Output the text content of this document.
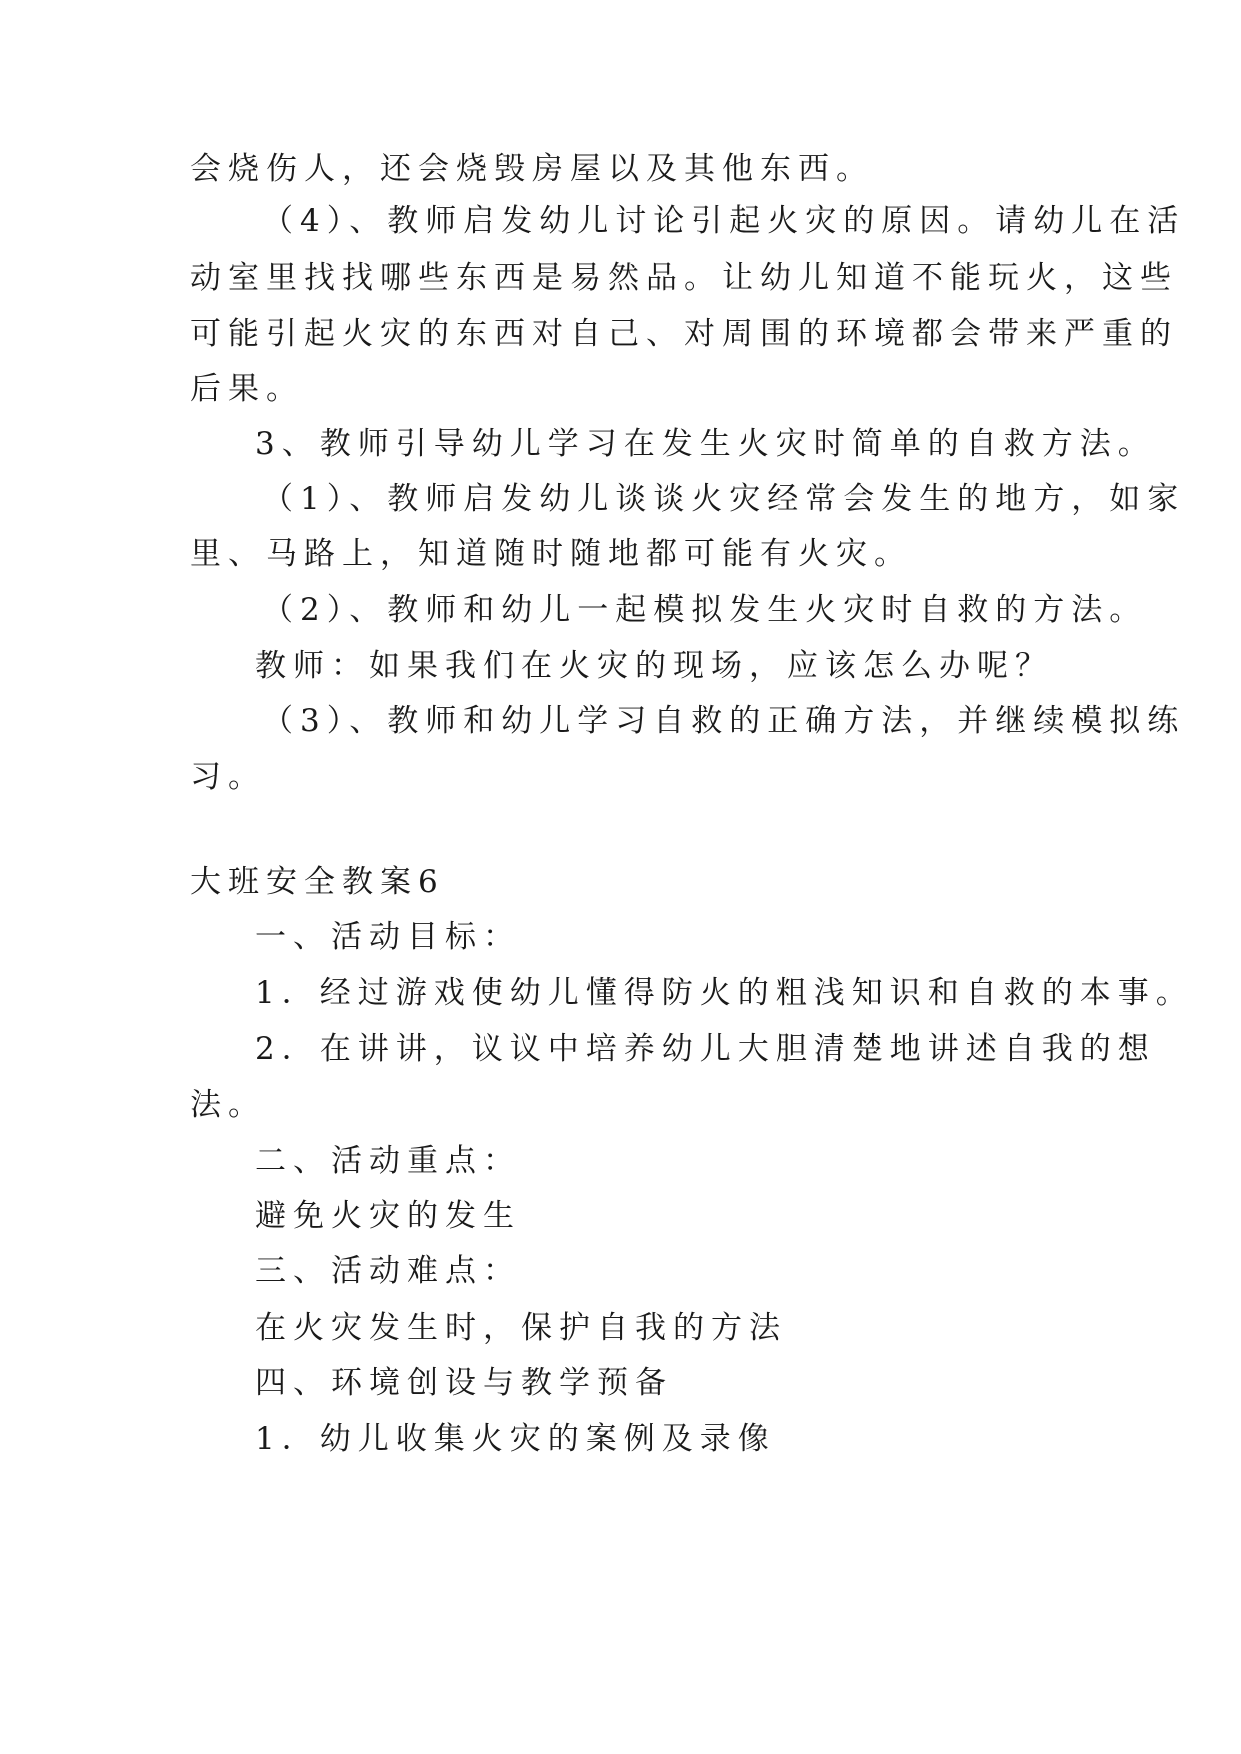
会烧伤人，还会烧毁房屋以及其他东西。
（4）、教师启发幼儿讨论引起火灾的原因。请幼儿在活
动室里找找哪些东西是易然品。让幼儿知道不能玩火，这些
可能引起火灾的东西对自己、对周围的环境都会带来严重的
后果。
3、教师引导幼儿学习在发生火灾时简单的自救方法。
（1）、教师启发幼儿谈谈火灾经常会发生的地方，如家
里、马路上，知道随时随地都可能有火灾。
（2）、教师和幼儿一起模拟发生火灾时自救的方法。
教师：如果我们在火灾的现场，应该怎么办呢？
（3）、教师和幼儿学习自救的正确方法，并继续模拟练
习。
大班安全教案6
一、活动目标：
1．经过游戏使幼儿懂得防火的粗浅知识和自救的本事。
2．在讲讲，议议中培养幼儿大胆清楚地讲述自我的想
法。
二、活动重点：
避免火灾的发生
三、活动难点：
在火灾发生时，保护自我的方法
四、环境创设与教学预备
1．幼儿收集火灾的案例及录像
